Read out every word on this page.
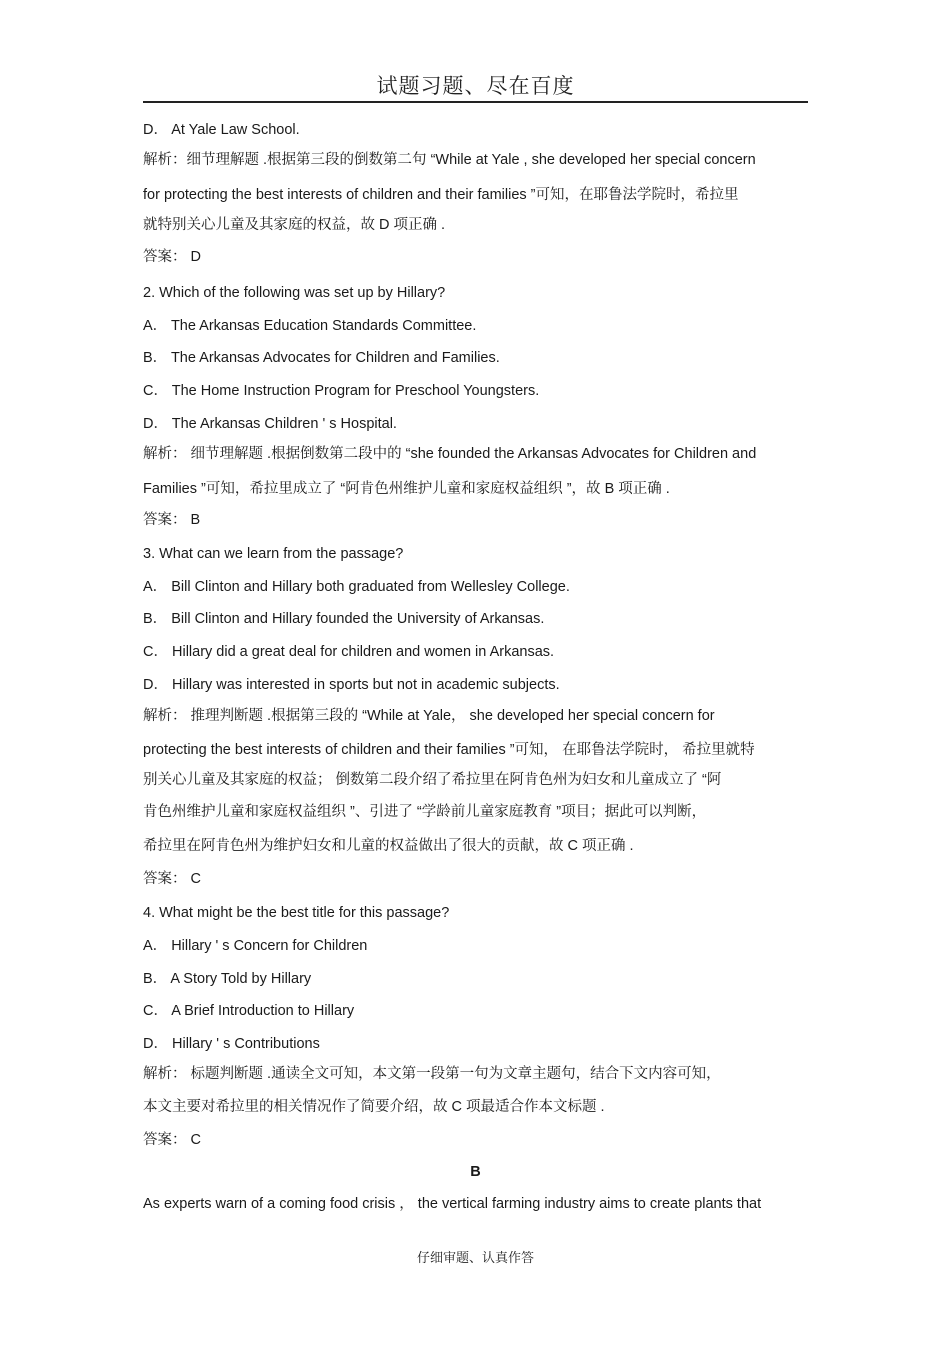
试题习题、尽在百度
D． At Yale Law School.
解析：细节理解题 .根据第三段的倒数第二句 “While at Yale , she developed her special concern
for protecting the best interests of children and their families ”可知，在耶鲁法学院时，希拉里
就特别关心儿童及其家庭的权益，故 D 项正确 .
答案： D
2. Which of the following was set up by Hillary?
A． The Arkansas Education Standards Committee.
B． The Arkansas Advocates for Children and Families.
C． The Home Instruction Program for Preschool Youngsters.
D． The Arkansas Children ' s Hospital.
解析： 细节理解题 .根据倒数第二段中的 “she founded the Arkansas Advocates for Children and
Families ”可知，希拉里成立了 “阿肯色州维护儿童和家庭权益组织 ”，故 B 项正确 .
答案： B
3. What can we learn from the passage?
A． Bill Clinton and Hillary both graduated from Wellesley College.
B． Bill Clinton and Hillary founded the University of Arkansas.
C． Hillary did a great deal for children and women in Arkansas.
D． Hillary was interested in sports but not in academic subjects.
解析： 推理判断题 .根据第三段的 “While at Yale， she developed her special concern for
protecting the best interests of children and their families ”可知， 在耶鲁法学院时， 希拉里就特
别关心儿童及其家庭的权益； 倒数第二段介绍了希拉里在阿肯色州为妇女和儿童成立了 “阿
肯色州维护儿童和家庭权益组织 ”、引进了 “学龄前儿童家庭教育 ”项目；据此可以判断，
希拉里在阿肯色州为维护妇女和儿童的权益做出了很大的贡献，故 C 项正确 .
答案： C
4. What might be the best title for this passage?
A． Hillary ' s Concern for Children
B． A Story Told by Hillary
C． A Brief Introduction to Hillary
D． Hillary ' s Contributions
解析： 标题判断题 .通读全文可知，本文第一段第一句为文章主题句，结合下文内容可知，
本文主要对希拉里的相关情况作了简要介绍，故 C 项最适合作本文标题 .
答案： C
B
As experts warn of a coming food crisis ， the vertical farming industry aims to create plants that
仔细审题、认真作答
